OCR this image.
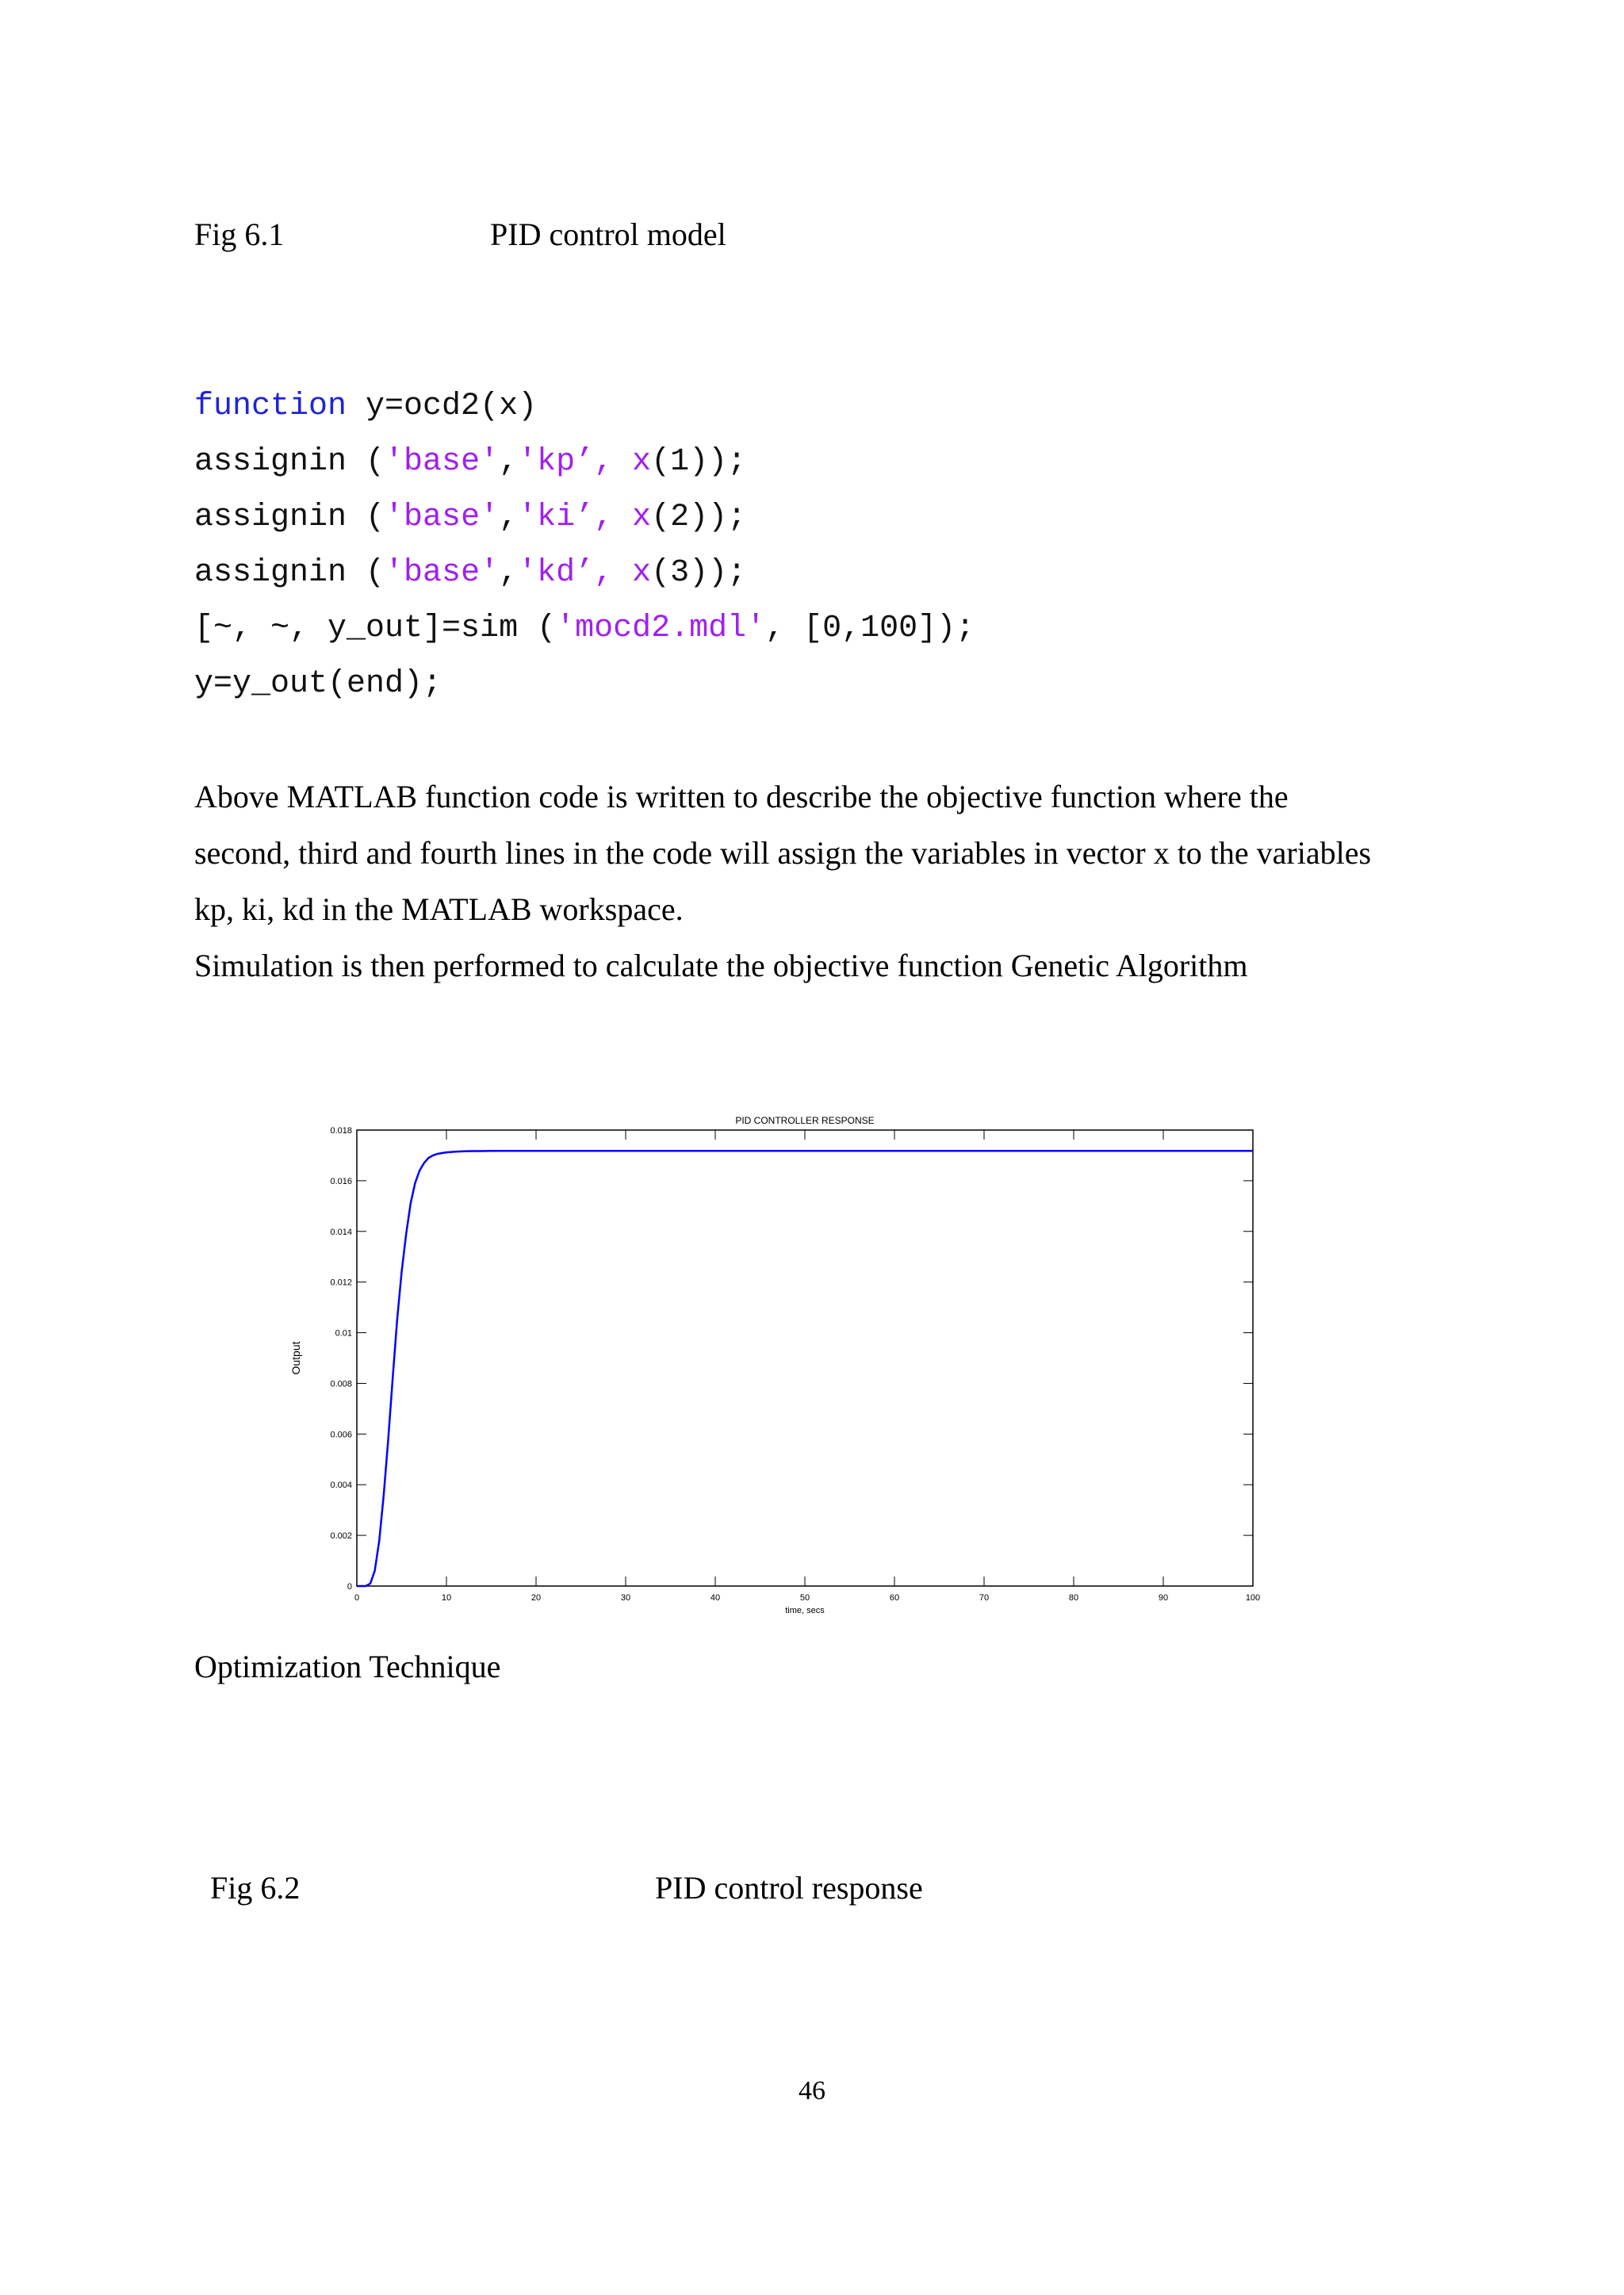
Fig 6.1	PID control model
function y=ocd2(x)
assignin ('base','kp’, x(1));
assignin ('base','ki’, x(2));
assignin ('base','kd’, x(3));
[~, ~, y_out]=sim ('mocd2.mdl', [0,100]);
y=y_out(end);
Above MATLAB function code is written to describe the objective function where the
second, third and fourth lines in the code will assign the variables in vector x to the variables
kp, ki, kd in the MATLAB workspace.
Simulation is then performed to calculate the objective function Genetic Algorithm
PID CONTROLLER RESPONSE
0	10	20	30	40	50	60	70	80	90	100
0
0.002
0.004
0.006
0.008
0.01
0.012
0.014
0.016
0.018
time, secs
Output
Optimization Technique
Fig 6.2	PID control response
46
